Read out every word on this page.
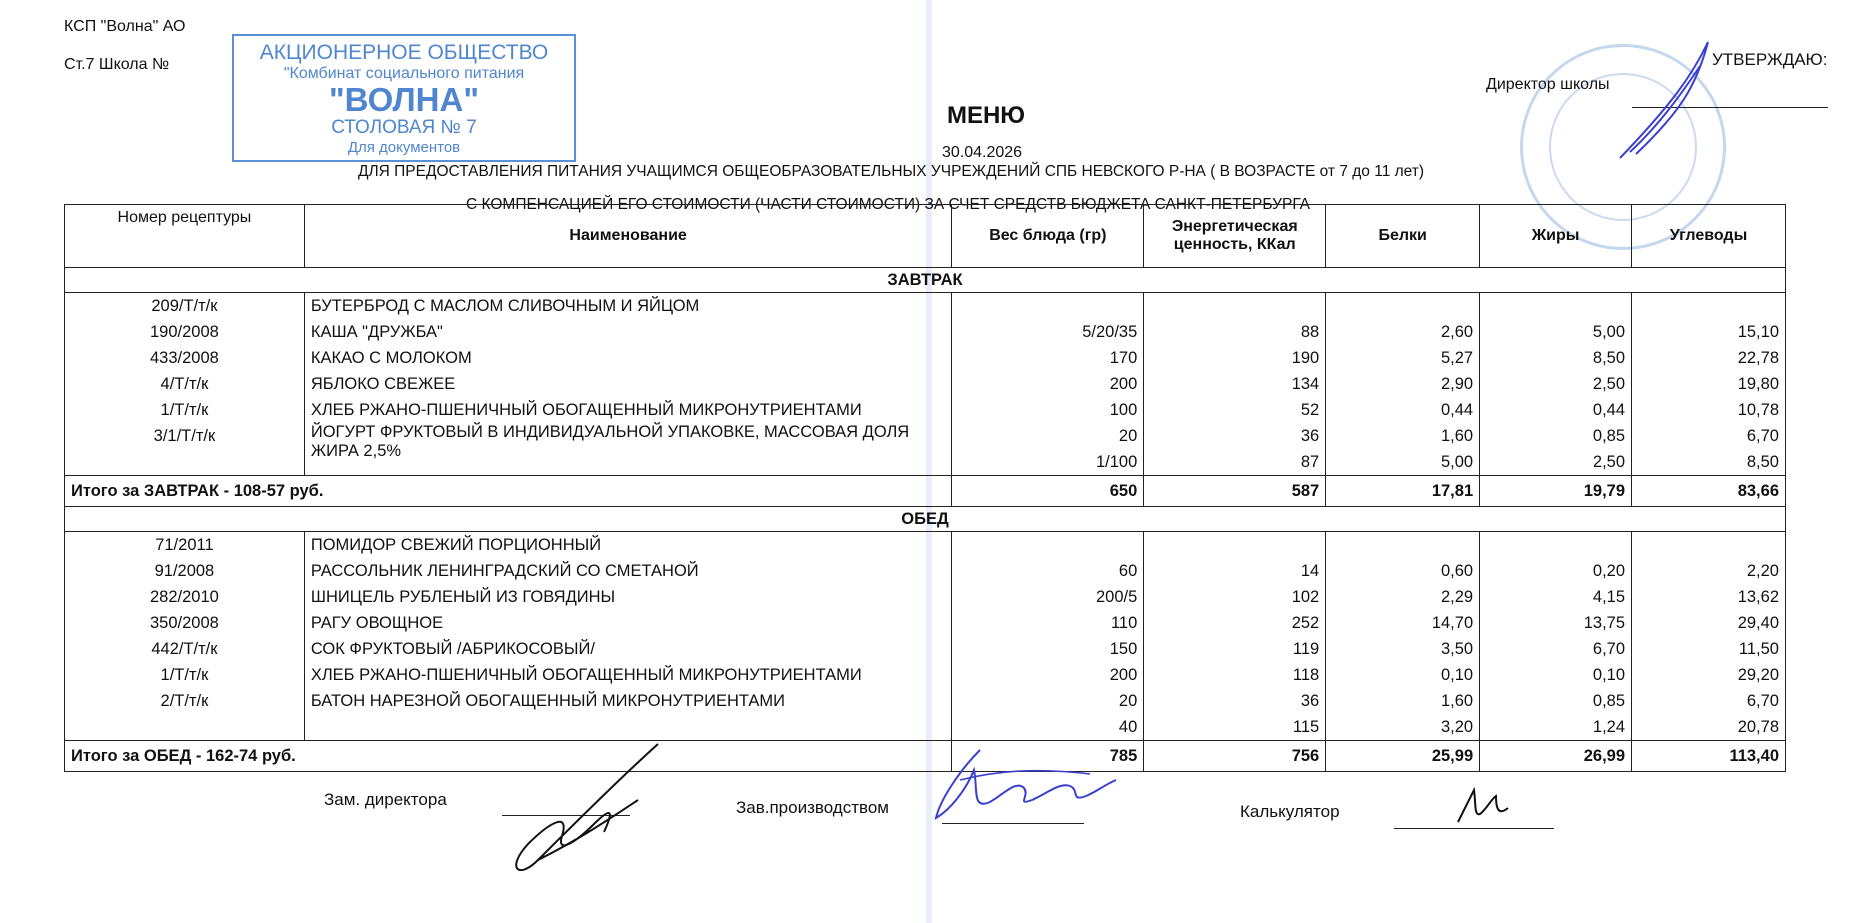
КСП "Волна" АО
Ст.7 Школа №
АКЦИОНЕРНОЕ ОБЩЕСТВО
"Комбинат социального питания
"ВОЛНА"
СТОЛОВАЯ № 7
Для документов
УТВЕРЖДАЮ:
Директор школы
МЕНЮ
30.04.2026
ДЛЯ ПРЕДОСТАВЛЕНИЯ ПИТАНИЯ УЧАЩИМСЯ ОБЩЕОБРАЗОВАТЕЛЬНЫХ УЧРЕЖДЕНИЙ СПБ НЕВСКОГО Р-НА ( В ВОЗРАСТЕ от 7 до 11 лет)
С КОМПЕНСАЦИЕЙ ЕГО СТОИМОСТИ (ЧАСТИ СТОИМОСТИ) ЗА СЧЕТ СРЕДСТВ БЮДЖЕТА САНКТ-ПЕТЕРБУРГА
Номер рецептуры	Наименование	Вес блюда (гр)	Энергетическая ценность, ККал	Белки	Жиры	Углеводы
ЗАВТРАК						
209/Т/т/к	БУТЕРБРОД С МАСЛОМ СЛИВОЧНЫМ И ЯЙЦОМ					
190/2008	КАША "ДРУЖБА"	5/20/35	88	2,60	5,00	15,10
433/2008	КАКАО С МОЛОКОМ	170	190	5,27	8,50	22,78
4/Т/т/к	ЯБЛОКО СВЕЖЕЕ	200	134	2,90	2,50	19,80
1/Т/т/к	ХЛЕБ РЖАНО-ПШЕНИЧНЫЙ ОБОГАЩЕННЫЙ МИКРОНУТРИЕНТАМИ	100	52	0,44	0,44	10,78
3/1/Т/т/к	ЙОГУРТ ФРУКТОВЫЙ В ИНДИВИДУАЛЬНОЙ УПАКОВКЕ, МАССОВАЯ ДОЛЯ ЖИРА 2,5%	20	36	1,60	0,85	6,70
		1/100	87	5,00	2,50	8,50
Итого за ЗАВТРАК - 108-57 руб.		650	587	17,81	19,79	83,66
ОБЕД						
71/2011	ПОМИДОР СВЕЖИЙ ПОРЦИОННЫЙ					
91/2008	РАССОЛЬНИК ЛЕНИНГРАДСКИЙ СО СМЕТАНОЙ	60	14	0,60	0,20	2,20
282/2010	ШНИЦЕЛЬ РУБЛЕНЫЙ ИЗ ГОВЯДИНЫ	200/5	102	2,29	4,15	13,62
350/2008	РАГУ ОВОЩНОЕ	110	252	14,70	13,75	29,40
442/Т/т/к	СОК ФРУКТОВЫЙ /АБРИКОСОВЫЙ/	150	119	3,50	6,70	11,50
1/Т/т/к	ХЛЕБ РЖАНО-ПШЕНИЧНЫЙ ОБОГАЩЕННЫЙ МИКРОНУТРИЕНТАМИ	200	118	0,10	0,10	29,20
2/Т/т/к	БАТОН НАРЕЗНОЙ ОБОГАЩЕННЫЙ МИКРОНУТРИЕНТАМИ	20	36	1,60	0,85	6,70
		40	115	3,20	1,24	20,78
Итого за ОБЕД - 162-74 руб.		785	756	25,99	26,99	113,40
Зам. директора	Зав.производством	Калькулятор
